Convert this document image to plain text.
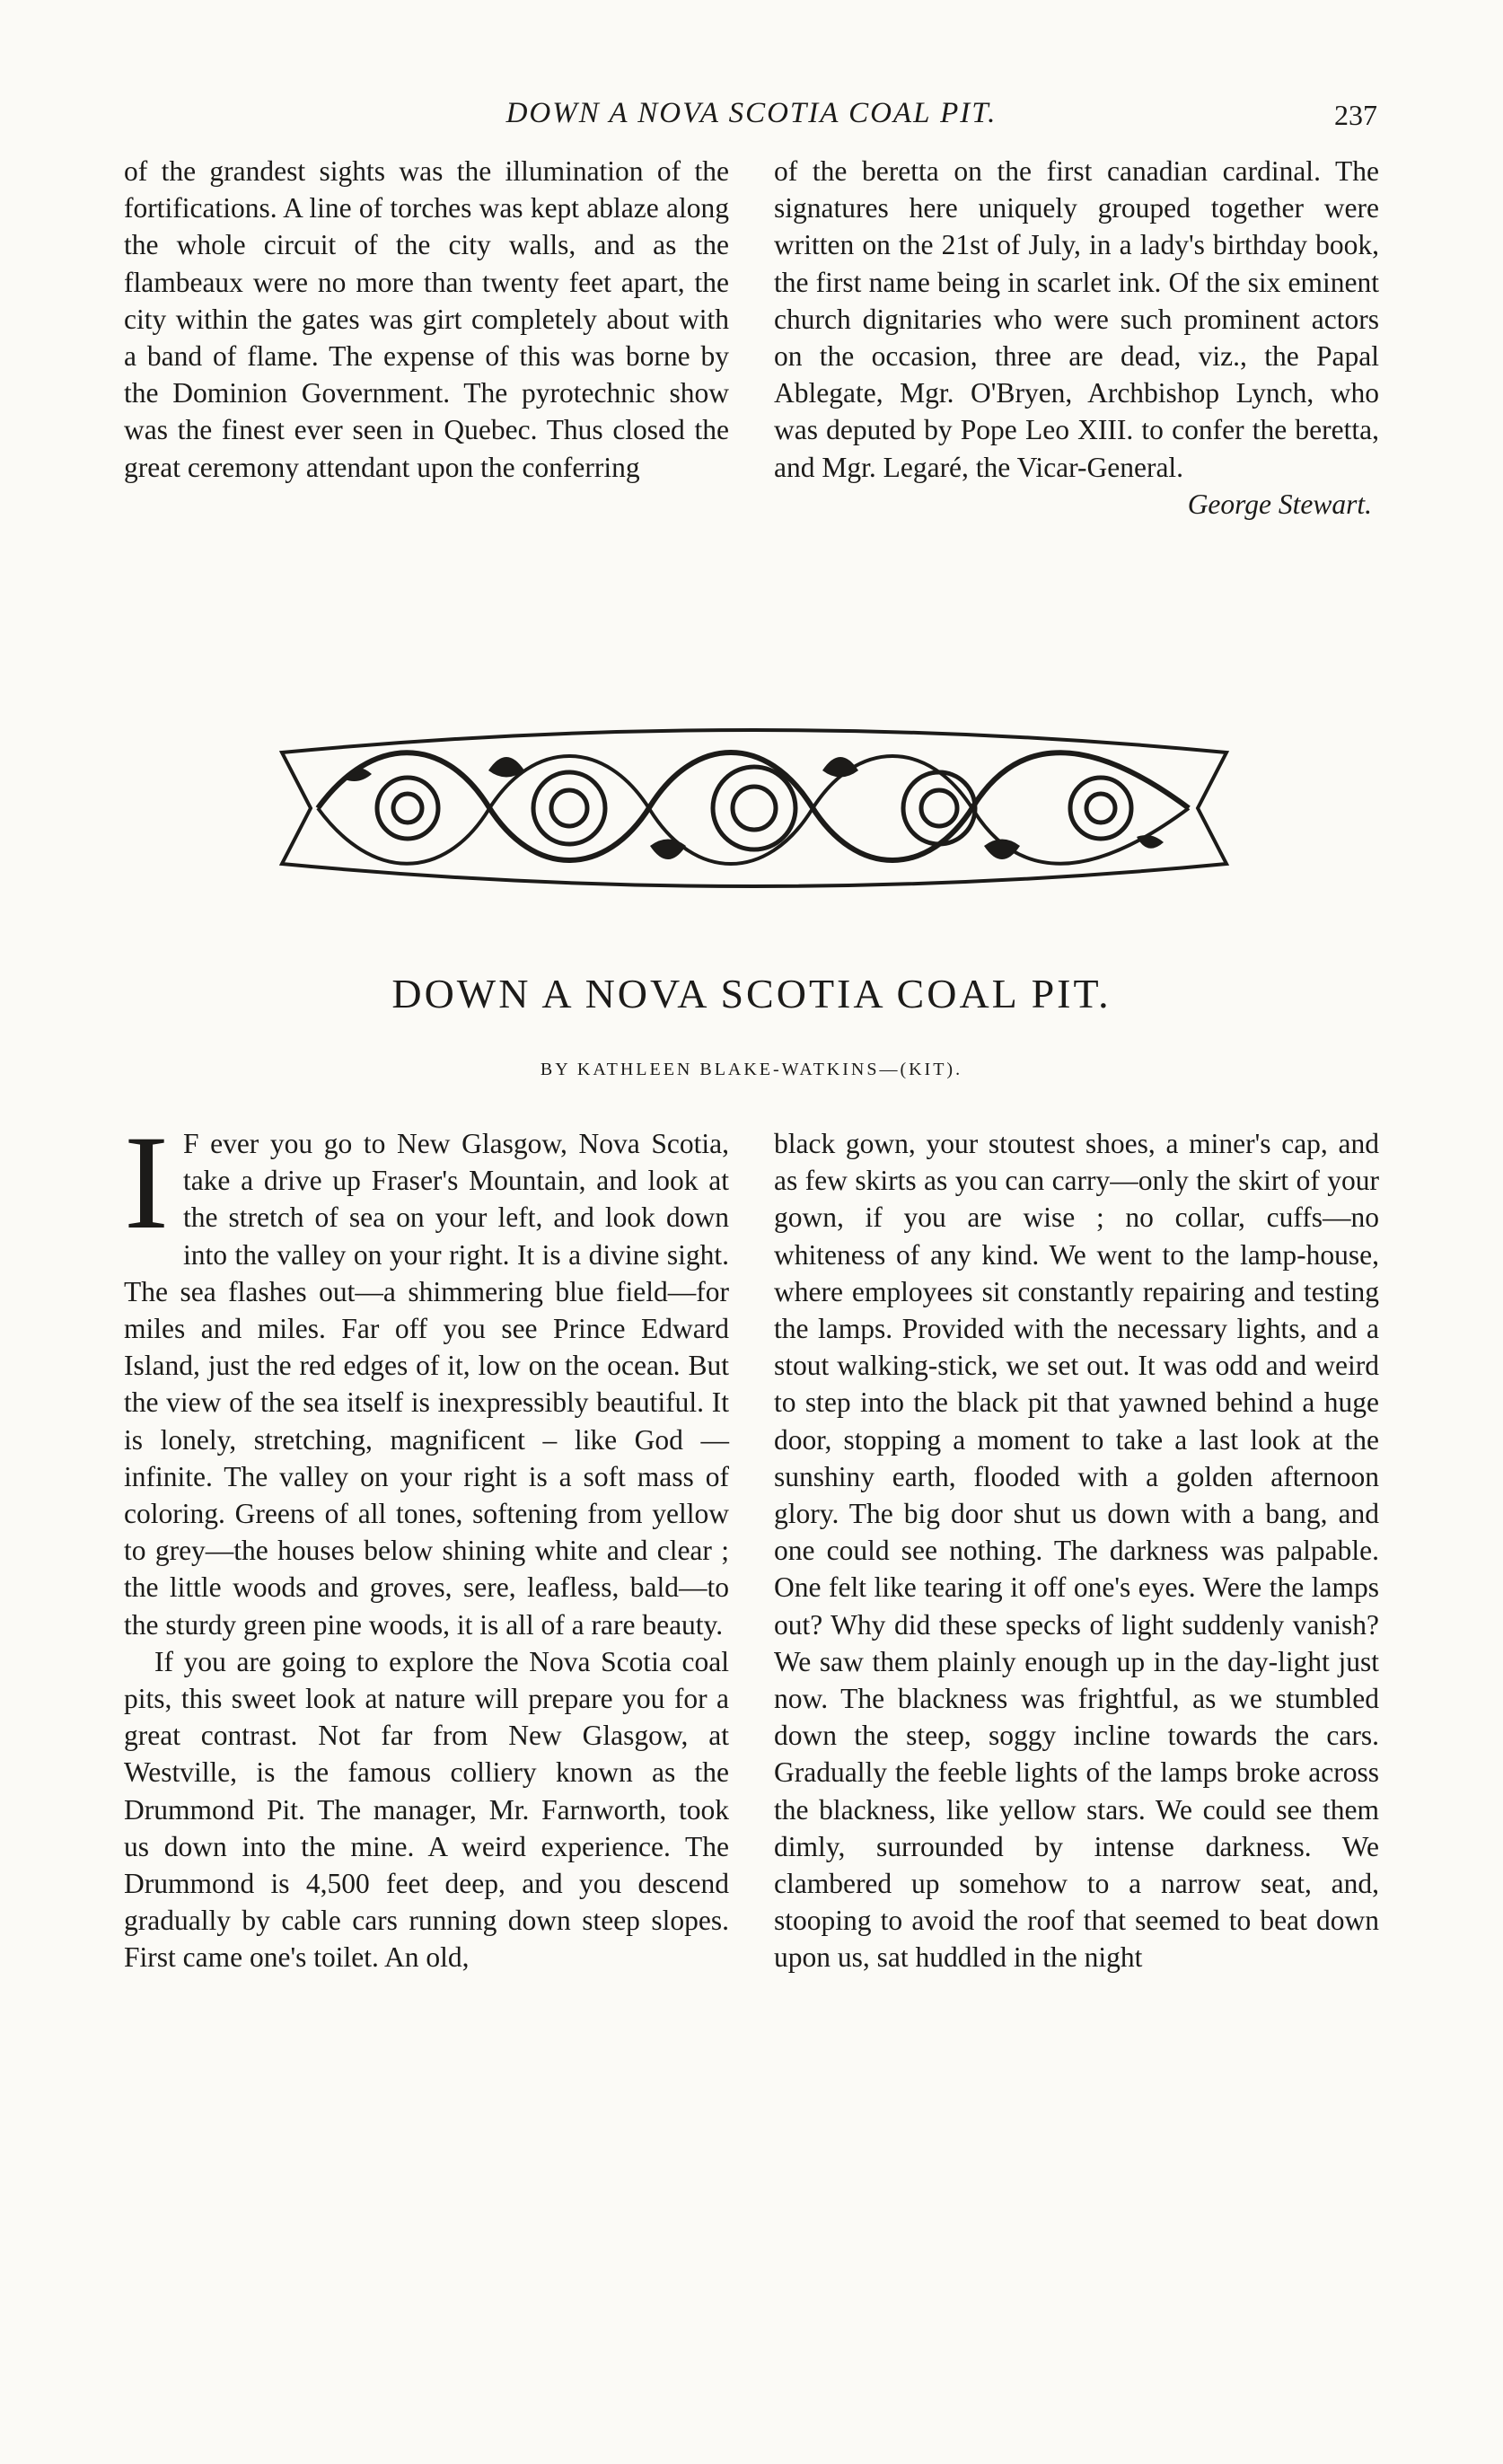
DOWN A NOVA SCOTIA COAL PIT.	237

of the grandest sights was the illumination of the fortifications. A line of torches was kept ablaze along the whole circuit of the city walls, and as the flambeaux were no more than twenty feet apart, the city within the gates was girt completely about with a band of flame. The expense of this was borne by the Dominion Government. The pyrotechnic show was the finest ever seen in Quebec. Thus closed the great ceremony attendant upon the conferring

of the beretta on the first canadian cardinal. The signatures here uniquely grouped together were written on the 21st of July, in a lady's birthday book, the first name being in scarlet ink. Of the six eminent church dignitaries who were such prominent actors on the occasion, three are dead, viz., the Papal Ablegate, Mgr. O'Bryen, Archbishop Lynch, who was deputed by Pope Leo XIII. to confer the beretta, and Mgr. Legaré, the Vicar-General.

George Stewart.

DOWN A NOVA SCOTIA COAL PIT.
BY KATHLEEN BLAKE-WATKINS—(KIT).

I F ever you go to New Glasgow, Nova Scotia, take a drive up Fraser's Mountain, and look at the stretch of sea on your left, and look down into the valley on your right. It is a divine sight. The sea flashes out—a shimmering blue field—for miles and miles. Far off you see Prince Edward Island, just the red edges of it, low on the ocean. But the view of the sea itself is inexpressibly beautiful. It is lonely, stretching, magnificent – like God — infinite. The valley on your right is a soft mass of coloring. Greens of all tones, softening from yellow to grey—the houses below shining white and clear ; the little woods and groves, sere, leafless, bald—to the sturdy green pine woods, it is all of a rare beauty.

If you are going to explore the Nova Scotia coal pits, this sweet look at nature will prepare you for a great contrast. Not far from New Glasgow, at Westville, is the famous colliery known as the Drummond Pit. The manager, Mr. Farnworth, took us down into the mine. A weird experience. The Drummond is 4,500 feet deep, and you descend gradually by cable cars running down steep slopes. First came one's toilet. An old,

black gown, your stoutest shoes, a miner's cap, and as few skirts as you can carry—only the skirt of your gown, if you are wise ; no collar, cuffs—no whiteness of any kind. We went to the lamp-house, where employees sit constantly repairing and testing the lamps. Provided with the necessary lights, and a stout walking-stick, we set out. It was odd and weird to step into the black pit that yawned behind a huge door, stopping a moment to take a last look at the sunshiny earth, flooded with a golden afternoon glory. The big door shut us down with a bang, and one could see nothing. The darkness was palpable. One felt like tearing it off one's eyes. Were the lamps out? Why did these specks of light suddenly vanish? We saw them plainly enough up in the day-light just now. The blackness was frightful, as we stumbled down the steep, soggy incline towards the cars. Gradually the feeble lights of the lamps broke across the blackness, like yellow stars. We could see them dimly, surrounded by intense darkness. We clambered up somehow to a narrow seat, and, stooping to avoid the roof that seemed to beat down upon us, sat huddled in the night
